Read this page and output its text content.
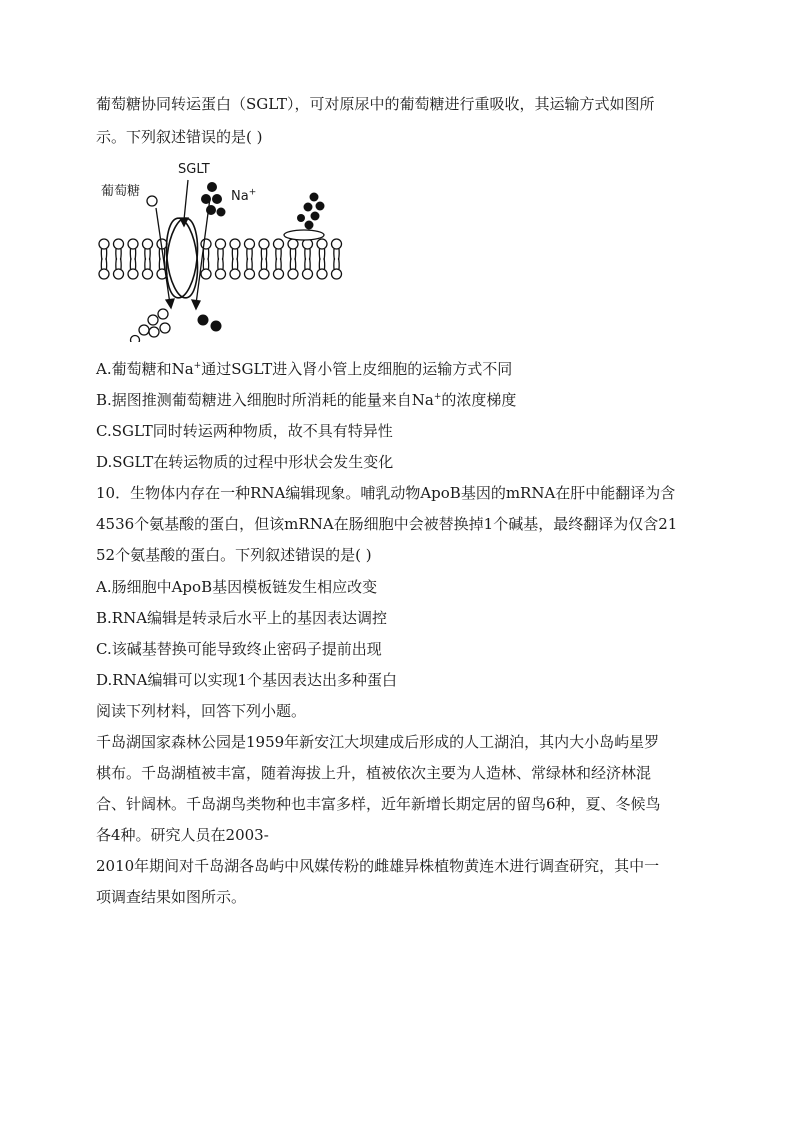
葡萄糖协同转运蛋白（SGLT），可对原尿中的葡萄糖进行重吸收，其运输方式如图所

示。下列叙述错误的是( )

葡萄糖
SGLT
Na+

A.葡萄糖和Na+通过SGLT进入肾小管上皮细胞的运输方式不同

B.据图推测葡萄糖进入细胞时所消耗的能量来自Na+的浓度梯度

C.SGLT同时转运两种物质，故不具有特异性

D.SGLT在转运物质的过程中形状会发生变化

10．生物体内存在一种RNA编辑现象。哺乳动物ApoB基因的mRNA在肝中能翻译为含

4536个氨基酸的蛋白，但该mRNA在肠细胞中会被替换掉1个碱基，最终翻译为仅含21

52个氨基酸的蛋白。下列叙述错误的是( )

A.肠细胞中ApoB基因模板链发生相应改变

B.RNA编辑是转录后水平上的基因表达调控

C.该碱基替换可能导致终止密码子提前出现

D.RNA编辑可以实现1个基因表达出多种蛋白

阅读下列材料，回答下列小题。

千岛湖国家森林公园是1959年新安江大坝建成后形成的人工湖泊，其内大小岛屿星罗

棋布。千岛湖植被丰富，随着海拔上升，植被依次主要为人造林、常绿林和经济林混

合、针阔林。千岛湖鸟类物种也丰富多样，近年新增长期定居的留鸟6种，夏、冬候鸟

各4种。研究人员在2003-

2010年期间对千岛湖各岛屿中风媒传粉的雌雄异株植物黄连木进行调查研究，其中一

项调查结果如图所示。
